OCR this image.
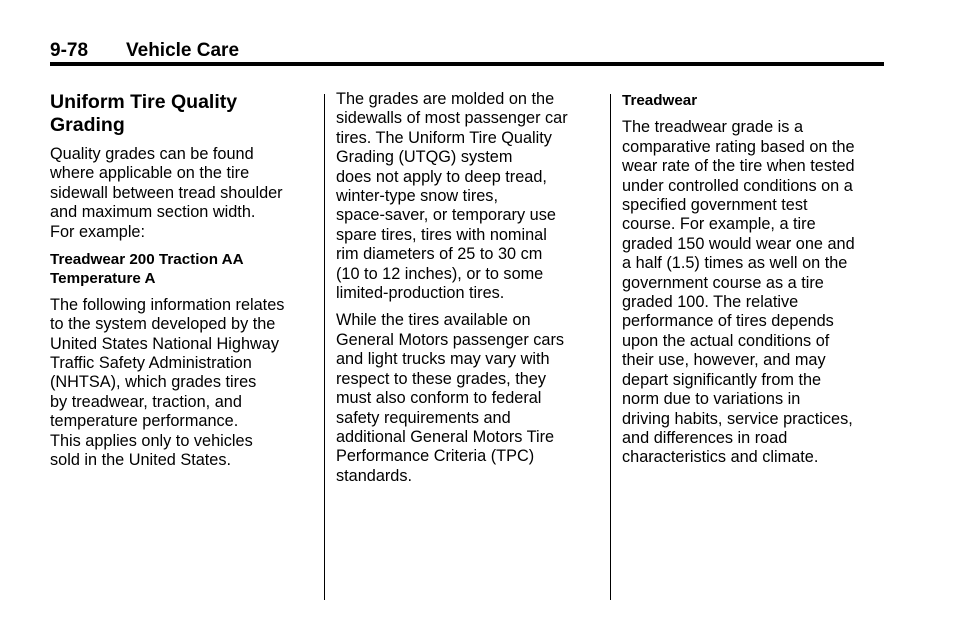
9-78 Vehicle Care
Uniform Tire Quality
Grading
Quality grades can be found
where applicable on the tire
sidewall between tread shoulder
and maximum section width.
For example:
Treadwear 200 Traction AA
Temperature A
The following information relates
to the system developed by the
United States National Highway
Traffic Safety Administration
(NHTSA), which grades tires
by treadwear, traction, and
temperature performance.
This applies only to vehicles
sold in the United States.
The grades are molded on the
sidewalls of most passenger car
tires. The Uniform Tire Quality
Grading (UTQG) system
does not apply to deep tread,
winter-type snow tires,
space-saver, or temporary use
spare tires, tires with nominal
rim diameters of 25 to 30 cm
(10 to 12 inches), or to some
limited-production tires.
While the tires available on
General Motors passenger cars
and light trucks may vary with
respect to these grades, they
must also conform to federal
safety requirements and
additional General Motors Tire
Performance Criteria (TPC)
standards.
Treadwear
The treadwear grade is a
comparative rating based on the
wear rate of the tire when tested
under controlled conditions on a
specified government test
course. For example, a tire
graded 150 would wear one and
a half (1.5) times as well on the
government course as a tire
graded 100. The relative
performance of tires depends
upon the actual conditions of
their use, however, and may
depart significantly from the
norm due to variations in
driving habits, service practices,
and differences in road
characteristics and climate.
